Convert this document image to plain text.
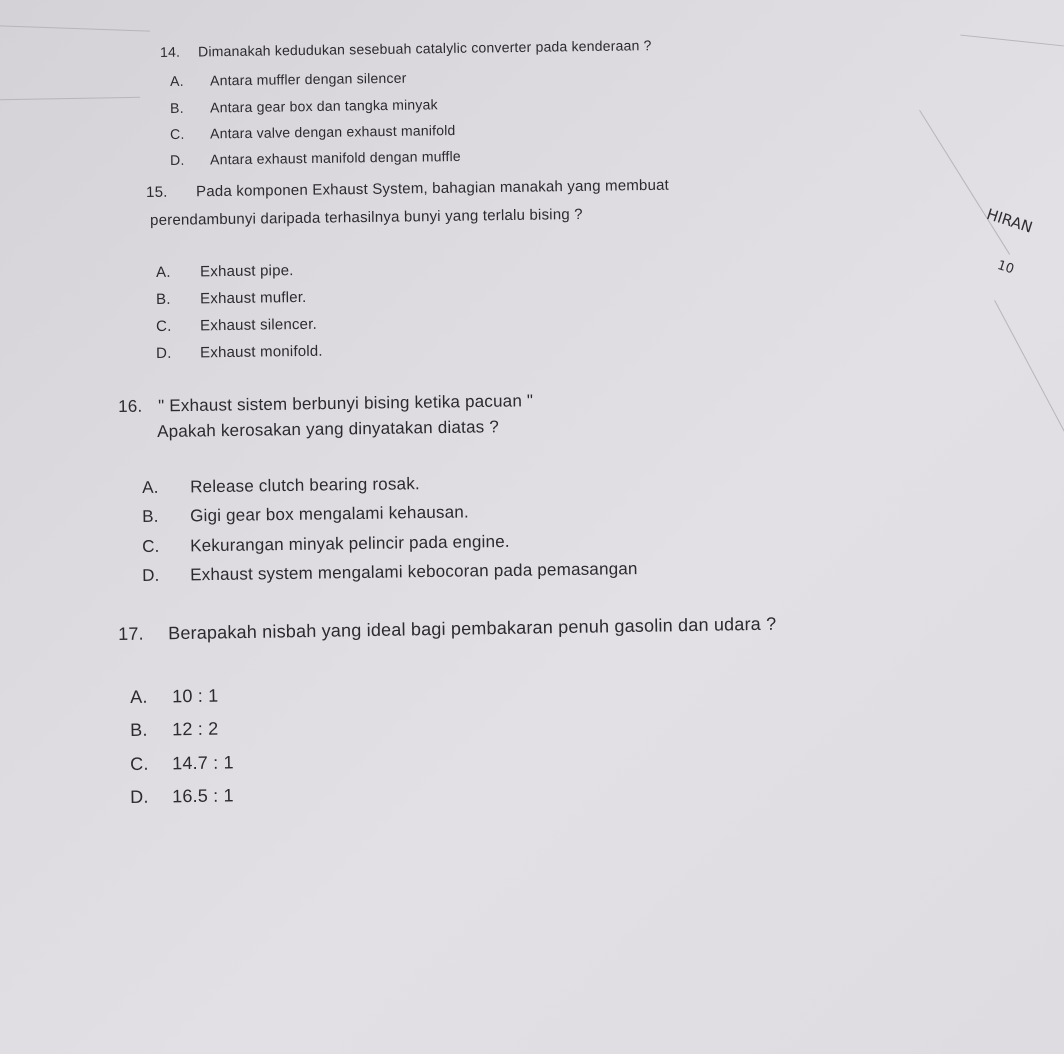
HIRAN
10
14. Dimanakah kedudukan sesebuah catalylic converter pada kenderaan ?
A. Antara muffler dengan silencer
B. Antara gear box dan tangka minyak
C. Antara valve dengan exhaust manifold
D. Antara exhaust manifold dengan muffle
15. Pada komponen Exhaust System, bahagian manakah yang membuat
perendambunyi daripada terhasilnya bunyi yang terlalu bising ?
A. Exhaust pipe.
B. Exhaust mufler.
C. Exhaust silencer.
D. Exhaust monifold.
16. " Exhaust sistem berbunyi bising ketika pacuan "
Apakah kerosakan yang dinyatakan diatas ?
A. Release clutch bearing rosak.
B. Gigi gear box mengalami kehausan.
C. Kekurangan minyak pelincir pada engine.
D. Exhaust system mengalami kebocoran pada pemasangan
17. Berapakah nisbah yang ideal bagi pembakaran penuh gasolin dan udara ?
A. 10 : 1
B. 12 : 2
C. 14.7 : 1
D. 16.5 : 1
